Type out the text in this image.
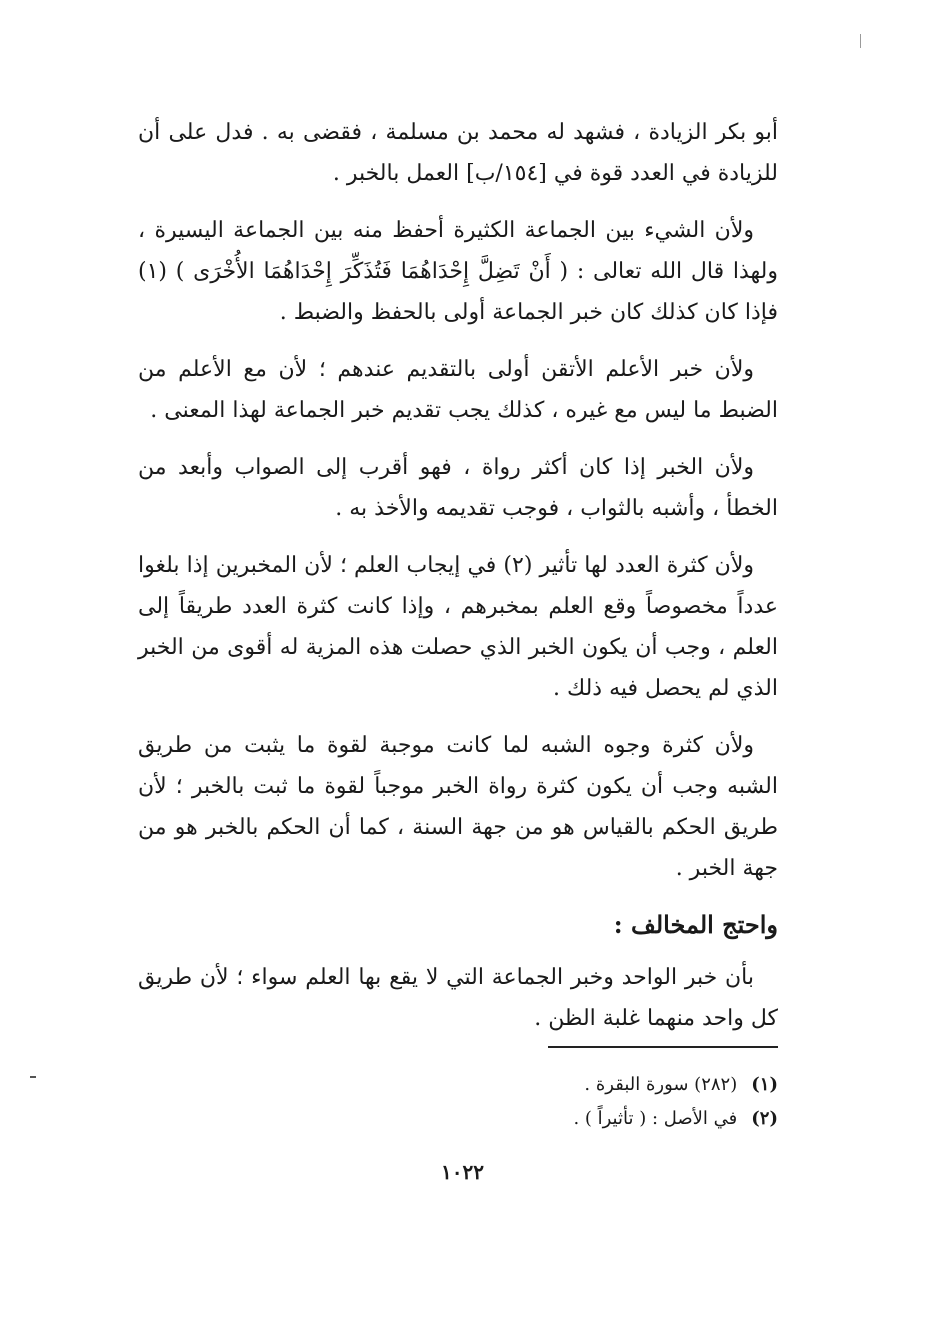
أبو بكر الزيادة ، فشهد له محمد بن مسلمة ، فقضى به . فدل على أن للزيادة في العدد قوة في [١٥٤/ب] العمل بالخبر .

ولأن الشيء بين الجماعة الكثيرة أحفظ منه بين الجماعة اليسيرة ، ولهذا قال الله تعالى : ( أَنْ تَضِلَّ إِحْدَاهُمَا فَتُذَكِّرَ إِحْدَاهُمَا الأُخْرَى ) (١) فإذا كان كذلك كان خبر الجماعة أولى بالحفظ والضبط .

ولأن خبر الأعلم الأتقن أولى بالتقديم عندهم ؛ لأن مع الأعلم من الضبط ما ليس مع غيره ، كذلك يجب تقديم خبر الجماعة لهذا المعنى .

ولأن الخبر إذا كان أكثر رواة ، فهو أقرب إلى الصواب وأبعد من الخطأ ، وأشبه بالثواب ، فوجب تقديمه والأخذ به .

ولأن كثرة العدد لها تأثير (٢) في إيجاب العلم ؛ لأن المخبرين إذا بلغوا عدداً مخصوصاً وقع العلم بمخبرهم ، وإذا كانت كثرة العدد طريقاً إلى العلم ، وجب أن يكون الخبر الذي حصلت هذه المزية له أقوى من الخبر الذي لم يحصل فيه ذلك .

ولأن كثرة وجوه الشبه لما كانت موجبة لقوة ما يثبت من طريق الشبه وجب أن يكون كثرة رواة الخبر موجباً لقوة ما ثبت بالخبر ؛ لأن طريق الحكم بالقياس هو من جهة السنة ، كما أن الحكم بالخبر هو من جهة الخبر .

واحتج المخالف :

بأن خبر الواحد وخبر الجماعة التي لا يقع بها العلم سواء ؛ لأن طريق كل واحد منهما غلبة الظن .

(١)(٢٨٢) سورة البقرة .
(٢)في الأصل : ( تأثيراً ) .
١٠٢٢
